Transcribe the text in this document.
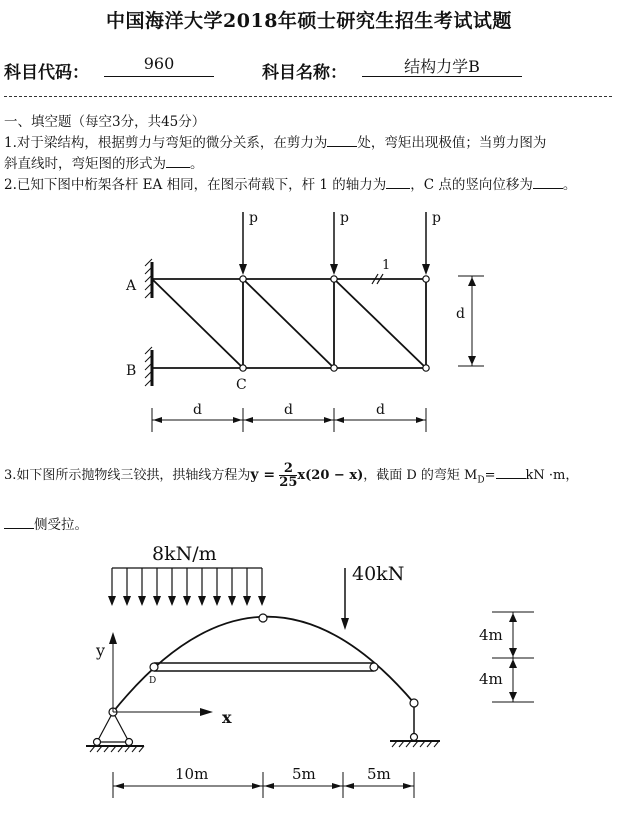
中国海洋大学2018年硕士研究生招生考试试题
科目代码：	960	科目名称：	结构力学B
一、填空题（每空3分，共45分）
1.对于梁结构，根据剪力与弯矩的微分关系，在剪力为 处，弯矩出现极值；当剪力图为
斜直线时，弯矩图的形式为 。
2.已知下图中桁架各杆 EA 相同，在图示荷载下，杆 1 的轴力为 ，C 点的竖向位移为 。
1
p	p	p
A
B
C
d
d	d	d
3.如下图所示抛物线三铰拱，拱轴线方程为$y = \frac{2}{25} x(20 - x)$，截面 D 的弯矩 $M_D=$ kN ·m，
侧受拉。
8kN/m
40kN
D
y
x
4m
4m
10m	5m	5m
